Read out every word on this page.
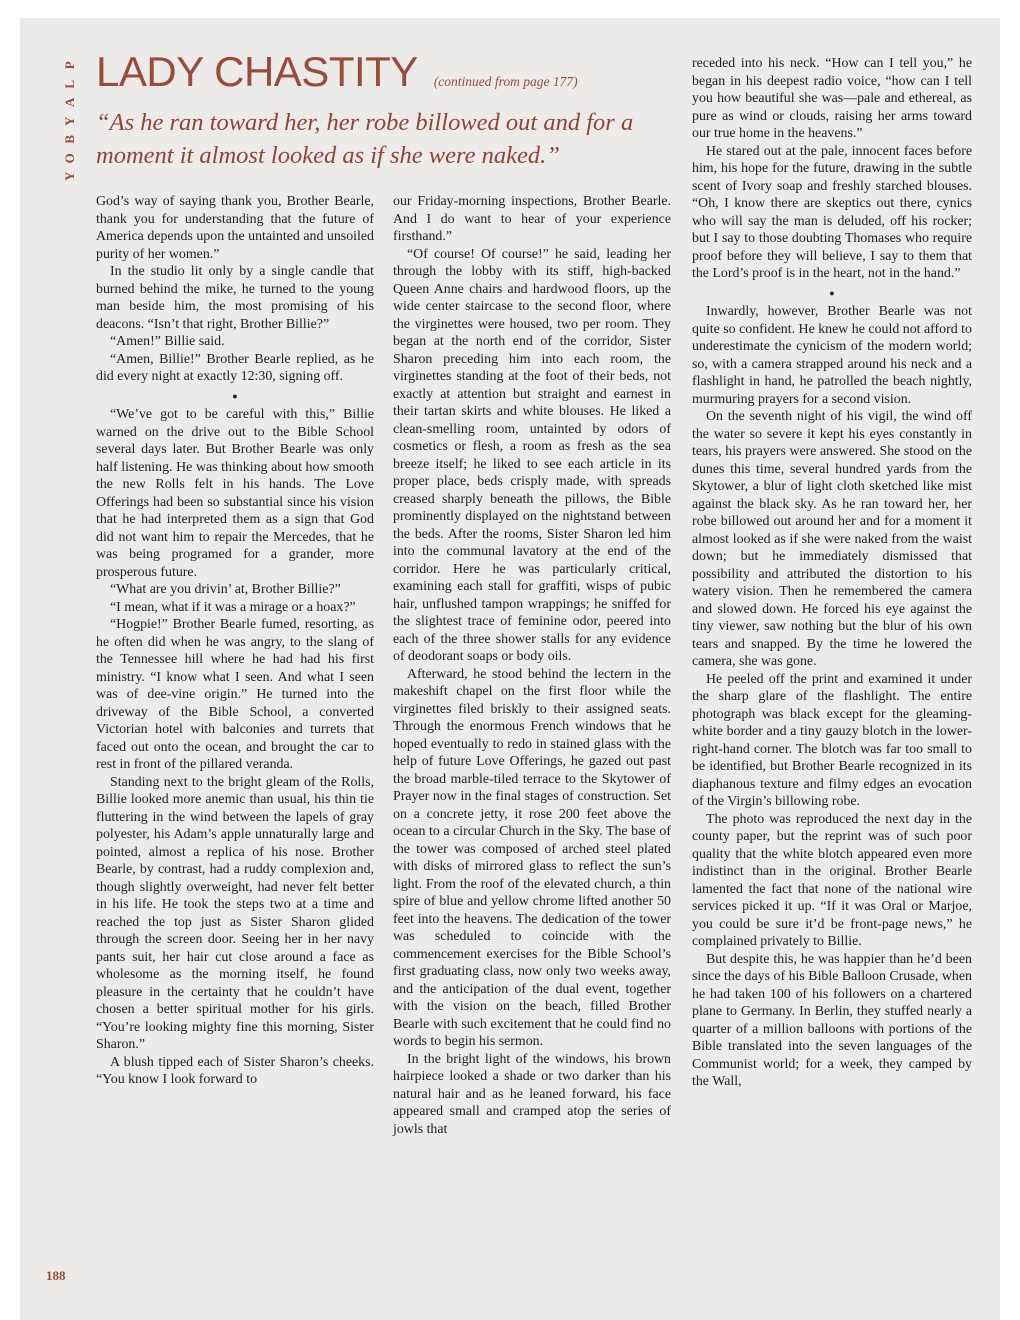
P
L
A
Y
B
O
Y
LADY CHASTITY (continued from page 177)
“As he ran toward her, her robe billowed out and for a moment it almost looked as if she were naked.”

God’s way of saying thank you, Brother Bearle, thank you for understanding that the future of America depends upon the untainted and unsoiled purity of her women.”

In the studio lit only by a single candle that burned behind the mike, he turned to the young man beside him, the most promising of his deacons. “Isn’t that right, Brother Billie?”

“Amen!” Billie said.

“Amen, Billie!” Brother Bearle replied, as he did every night at exactly 12:30, signing off.

●

“We’ve got to be careful with this,” Billie warned on the drive out to the Bible School several days later. But Brother Bearle was only half listening. He was thinking about how smooth the new Rolls felt in his hands. The Love Offerings had been so substantial since his vision that he had interpreted them as a sign that God did not want him to repair the Mercedes, that he was being programed for a grander, more prosperous future.

“What are you drivin’ at, Brother Billie?”

“I mean, what if it was a mirage or a hoax?”

“Hogpie!” Brother Bearle fumed, resorting, as he often did when he was angry, to the slang of the Tennessee hill where he had had his first ministry. “I know what I seen. And what I seen was of dee-vine origin.” He turned into the driveway of the Bible School, a converted Victorian hotel with balconies and turrets that faced out onto the ocean, and brought the car to rest in front of the pillared veranda.

Standing next to the bright gleam of the Rolls, Billie looked more anemic than usual, his thin tie fluttering in the wind between the lapels of gray polyester, his Adam’s apple unnaturally large and pointed, almost a replica of his nose. Brother Bearle, by contrast, had a ruddy complexion and, though slightly overweight, had never felt better in his life. He took the steps two at a time and reached the top just as Sister Sharon glided through the screen door. Seeing her in her navy pants suit, her hair cut close around a face as wholesome as the morning itself, he found pleasure in the certainty that he couldn’t have chosen a better spiritual mother for his girls. “You’re looking mighty fine this morning, Sister Sharon.”

A blush tipped each of Sister Sharon’s cheeks. “You know I look forward to

our Friday-morning inspections, Brother Bearle. And I do want to hear of your experience firsthand.”

“Of course! Of course!” he said, leading her through the lobby with its stiff, high-backed Queen Anne chairs and hardwood floors, up the wide center staircase to the second floor, where the virginettes were housed, two per room. They began at the north end of the corridor, Sister Sharon preceding him into each room, the virginettes standing at the foot of their beds, not exactly at attention but straight and earnest in their tartan skirts and white blouses. He liked a clean-smelling room, untainted by odors of cosmetics or flesh, a room as fresh as the sea breeze itself; he liked to see each article in its proper place, beds crisply made, with spreads creased sharply beneath the pillows, the Bible prominently displayed on the nightstand between the beds. After the rooms, Sister Sharon led him into the communal lavatory at the end of the corridor. Here he was particularly critical, examining each stall for graffiti, wisps of pubic hair, unflushed tampon wrappings; he sniffed for the slightest trace of feminine odor, peered into each of the three shower stalls for any evidence of deodorant soaps or body oils.

Afterward, he stood behind the lectern in the makeshift chapel on the first floor while the virginettes filed briskly to their assigned seats. Through the enormous French windows that he hoped eventually to redo in stained glass with the help of future Love Offerings, he gazed out past the broad marble-tiled terrace to the Skytower of Prayer now in the final stages of construction. Set on a concrete jetty, it rose 200 feet above the ocean to a circular Church in the Sky. The base of the tower was composed of arched steel plated with disks of mirrored glass to reflect the sun’s light. From the roof of the elevated church, a thin spire of blue and yellow chrome lifted another 50 feet into the heavens. The dedication of the tower was scheduled to coincide with the commencement exercises for the Bible School’s first graduating class, now only two weeks away, and the anticipation of the dual event, together with the vision on the beach, filled Brother Bearle with such excitement that he could find no words to begin his sermon.

In the bright light of the windows, his brown hairpiece looked a shade or two darker than his natural hair and as he leaned forward, his face appeared small and cramped atop the series of jowls that

receded into his neck. “How can I tell you,” he began in his deepest radio voice, “how can I tell you how beautiful she was—pale and ethereal, as pure as wind or clouds, raising her arms toward our true home in the heavens.”

He stared out at the pale, innocent faces before him, his hope for the future, drawing in the subtle scent of Ivory soap and freshly starched blouses. “Oh, I know there are skeptics out there, cynics who will say the man is deluded, off his rocker; but I say to those doubting Thomases who require proof before they will believe, I say to them that the Lord’s proof is in the heart, not in the hand.”

●

Inwardly, however, Brother Bearle was not quite so confident. He knew he could not afford to underestimate the cynicism of the modern world; so, with a camera strapped around his neck and a flashlight in hand, he patrolled the beach nightly, murmuring prayers for a second vision.

On the seventh night of his vigil, the wind off the water so severe it kept his eyes constantly in tears, his prayers were answered. She stood on the dunes this time, several hundred yards from the Skytower, a blur of light cloth sketched like mist against the black sky. As he ran toward her, her robe billowed out around her and for a moment it almost looked as if she were naked from the waist down; but he immediately dismissed that possibility and attributed the distortion to his watery vision. Then he remembered the camera and slowed down. He forced his eye against the tiny viewer, saw nothing but the blur of his own tears and snapped. By the time he lowered the camera, she was gone.

He peeled off the print and examined it under the sharp glare of the flashlight. The entire photograph was black except for the gleaming-white border and a tiny gauzy blotch in the lower-right-hand corner. The blotch was far too small to be identified, but Brother Bearle recognized in its diaphanous texture and filmy edges an evocation of the Virgin’s billowing robe.

The photo was reproduced the next day in the county paper, but the reprint was of such poor quality that the white blotch appeared even more indistinct than in the original. Brother Bearle lamented the fact that none of the national wire services picked it up. “If it was Oral or Marjoe, you could be sure it’d be front-page news,” he complained privately to Billie.

But despite this, he was happier than he’d been since the days of his Bible Balloon Crusade, when he had taken 100 of his followers on a chartered plane to Germany. In Berlin, they stuffed nearly a quarter of a million balloons with portions of the Bible translated into the seven languages of the Communist world; for a week, they camped by the Wall,

188
